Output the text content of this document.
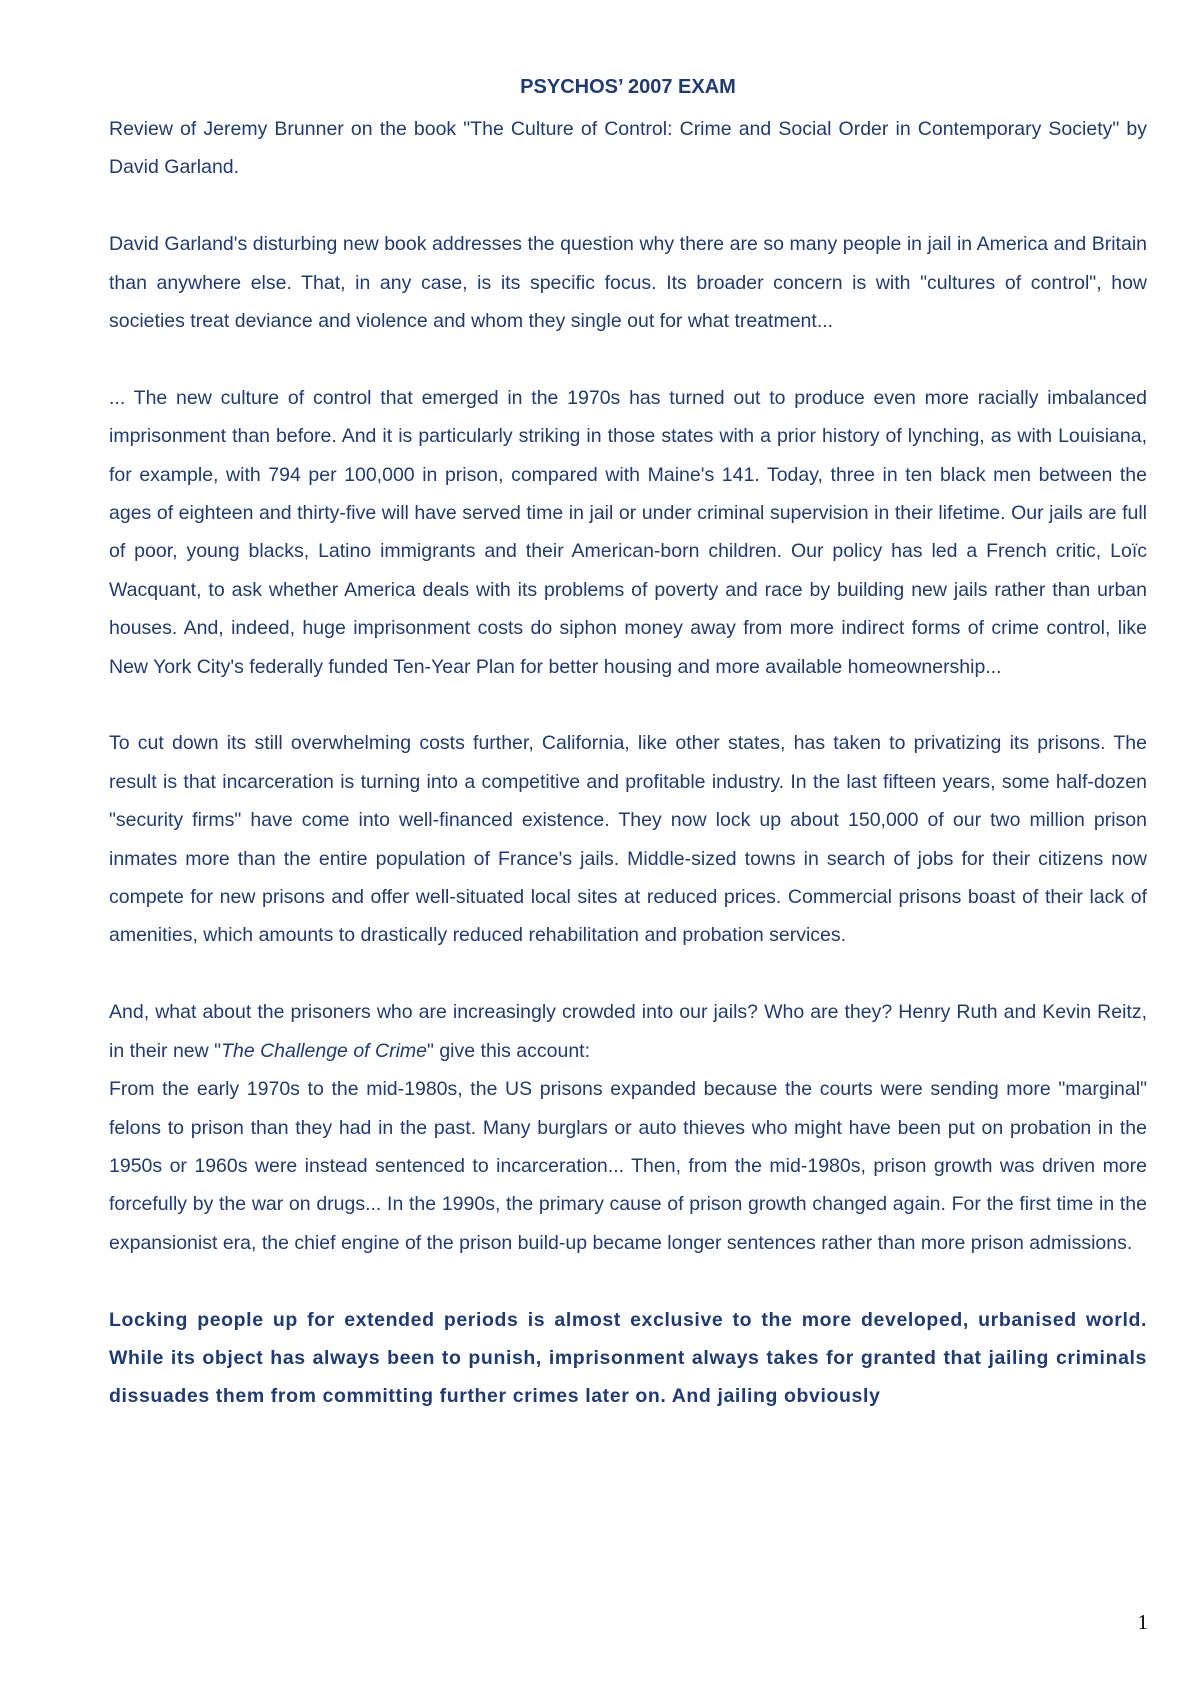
PSYCHOS’ 2007 EXAM

Review of Jeremy Brunner on the book "The Culture of Control: Crime and Social Order in Contemporary Society" by David Garland.

David Garland's disturbing new book addresses the question why there are so many people in jail in America and Britain than anywhere else. That, in any case, is its specific focus. Its broader concern is with "cultures of control", how societies treat deviance and violence and whom they single out for what treatment...

... The new culture of control that emerged in the 1970s has turned out to produce even more racially imbalanced imprisonment than before. And it is particularly striking in those states with a prior history of lynching, as with Louisiana, for example, with 794 per 100,000 in prison, compared with Maine's 141. Today, three in ten black men between the ages of eighteen and thirty-five will have served time in jail or under criminal supervision in their lifetime. Our jails are full of poor, young blacks, Latino immigrants and their American-born children. Our policy has led a French critic, Loïc Wacquant, to ask whether America deals with its problems of poverty and race by building new jails rather than urban houses. And, indeed, huge imprisonment costs do siphon money away from more indirect forms of crime control, like New York City's federally funded Ten-Year Plan for better housing and more available homeownership...

To cut down its still overwhelming costs further, California, like other states, has taken to privatizing its prisons. The result is that incarceration is turning into a competitive and profitable industry. In the last fifteen years, some half-dozen "security firms" have come into well-financed existence. They now lock up about 150,000 of our two million prison inmates more than the entire population of France's jails. Middle-sized towns in search of jobs for their citizens now compete for new prisons and offer well-situated local sites at reduced prices. Commercial prisons boast of their lack of amenities, which amounts to drastically reduced rehabilitation and probation services.

And, what about the prisoners who are increasingly crowded into our jails? Who are they? Henry Ruth and Kevin Reitz, in their new "The Challenge of Crime" give this account:

From the early 1970s to the mid-1980s, the US prisons expanded because the courts were sending more "marginal" felons to prison than they had in the past. Many burglars or auto thieves who might have been put on probation in the 1950s or 1960s were instead sentenced to incarceration... Then, from the mid-1980s, prison growth was driven more forcefully by the war on drugs... In the 1990s, the primary cause of prison growth changed again. For the first time in the expansionist era, the chief engine of the prison build-up became longer sentences rather than more prison admissions.

Locking people up for extended periods is almost exclusive to the more developed, urbanised world. While its object has always been to punish, imprisonment always takes for granted that jailing criminals dissuades them from committing further crimes later on. And jailing obviously

1
